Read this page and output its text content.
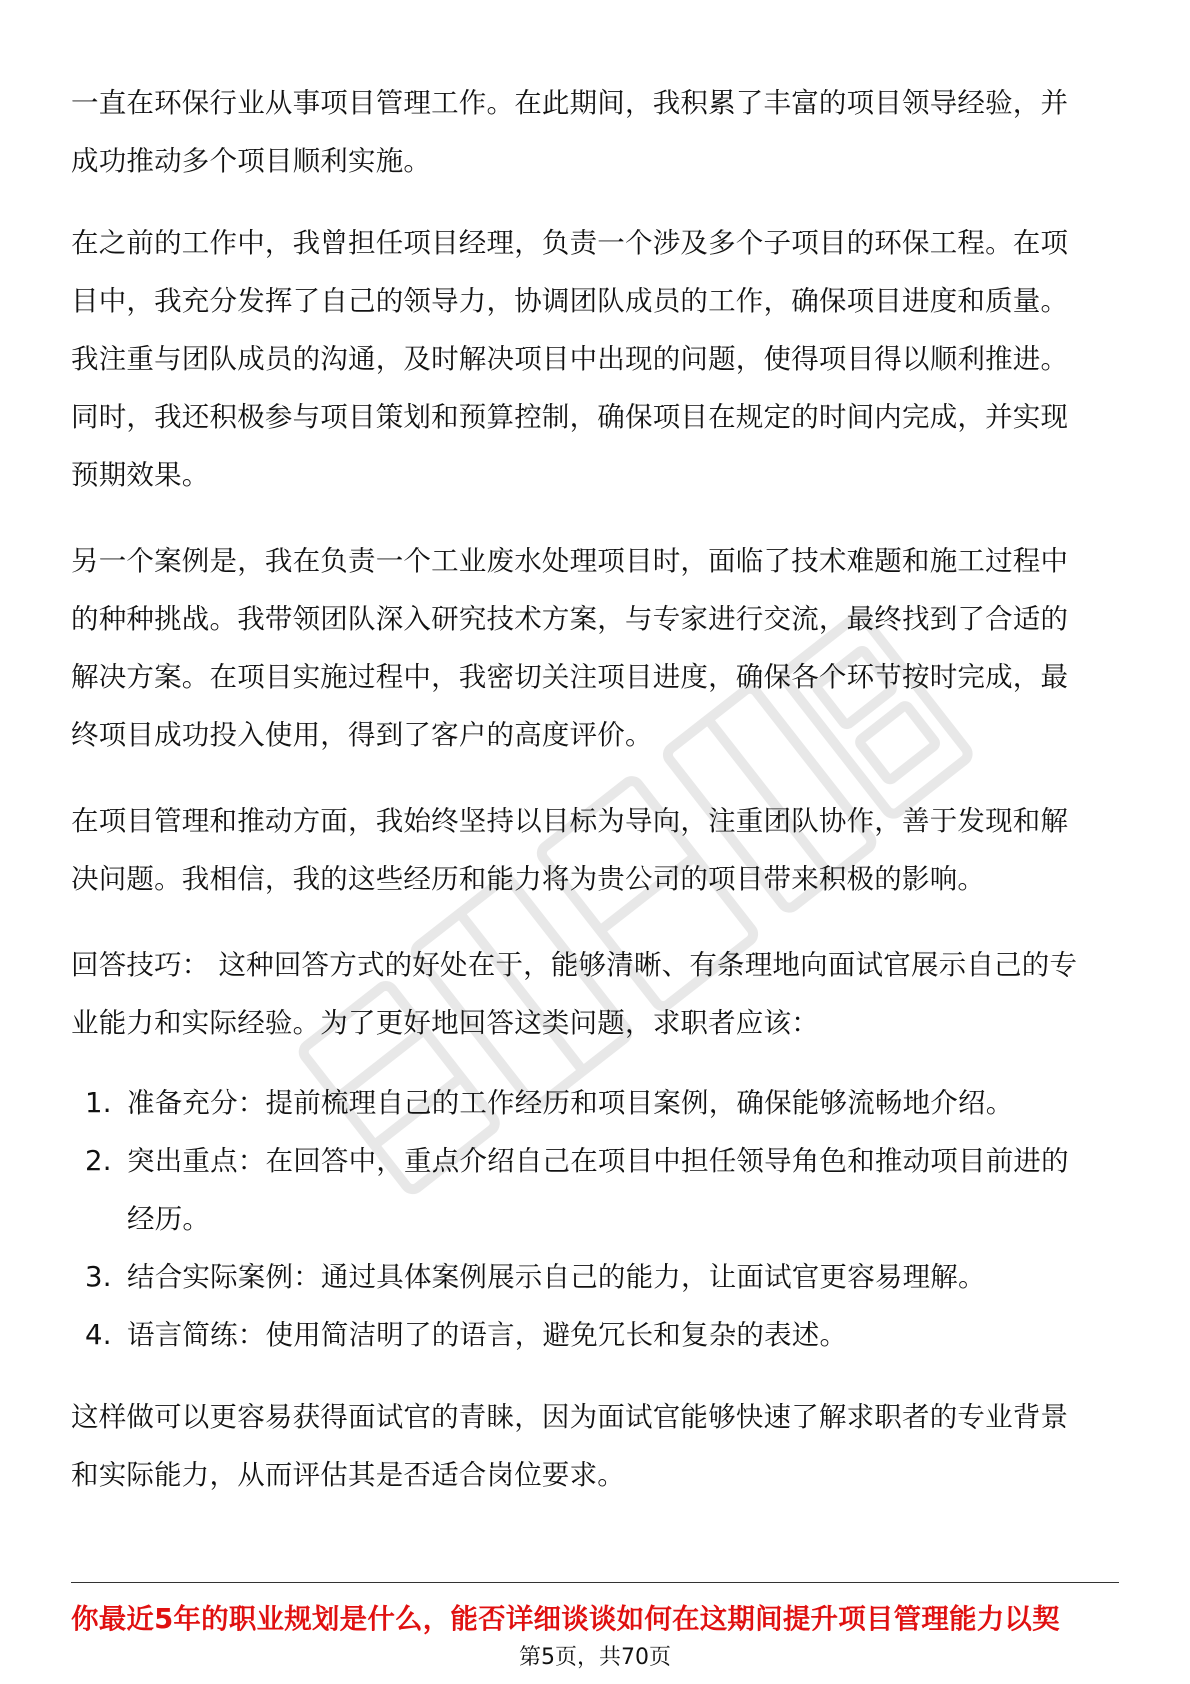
一直在环保行业从事项目管理工作。在此期间，我积累了丰富的项目领导经验，并
成功推动多个项目顺利实施。

在之前的工作中，我曾担任项目经理，负责一个涉及多个子项目的环保工程。在项
目中，我充分发挥了自己的领导力，协调团队成员的工作，确保项目进度和质量。
我注重与团队成员的沟通，及时解决项目中出现的问题，使得项目得以顺利推进。
同时，我还积极参与项目策划和预算控制，确保项目在规定的时间内完成，并实现
预期效果。

另一个案例是，我在负责一个工业废水处理项目时，面临了技术难题和施工过程中
的种种挑战。我带领团队深入研究技术方案，与专家进行交流，最终找到了合适的
解决方案。在项目实施过程中，我密切关注项目进度，确保各个环节按时完成，最
终项目成功投入使用，得到了客户的高度评价。

在项目管理和推动方面，我始终坚持以目标为导向，注重团队协作，善于发现和解
决问题。我相信，我的这些经历和能力将为贵公司的项目带来积极的影响。

回答技巧： 这种回答方式的好处在于，能够清晰、有条理地向面试官展示自己的专
业能力和实际经验。为了更好地回答这类问题，求职者应该：

1. 准备充分：提前梳理自己的工作经历和项目案例，确保能够流畅地介绍。
2. 突出重点：在回答中，重点介绍自己在项目中担任领导角色和推动项目前进的
经历。
3. 结合实际案例：通过具体案例展示自己的能力，让面试官更容易理解。
4. 语言简练：使用简洁明了的语言，避免冗长和复杂的表述。

这样做可以更容易获得面试官的青睐，因为面试官能够快速了解求职者的专业背景
和实际能力，从而评估其是否适合岗位要求。

你最近5年的职业规划是什么，能否详细谈谈如何在这期间提升项目管理能力以契
第5页，共70页
